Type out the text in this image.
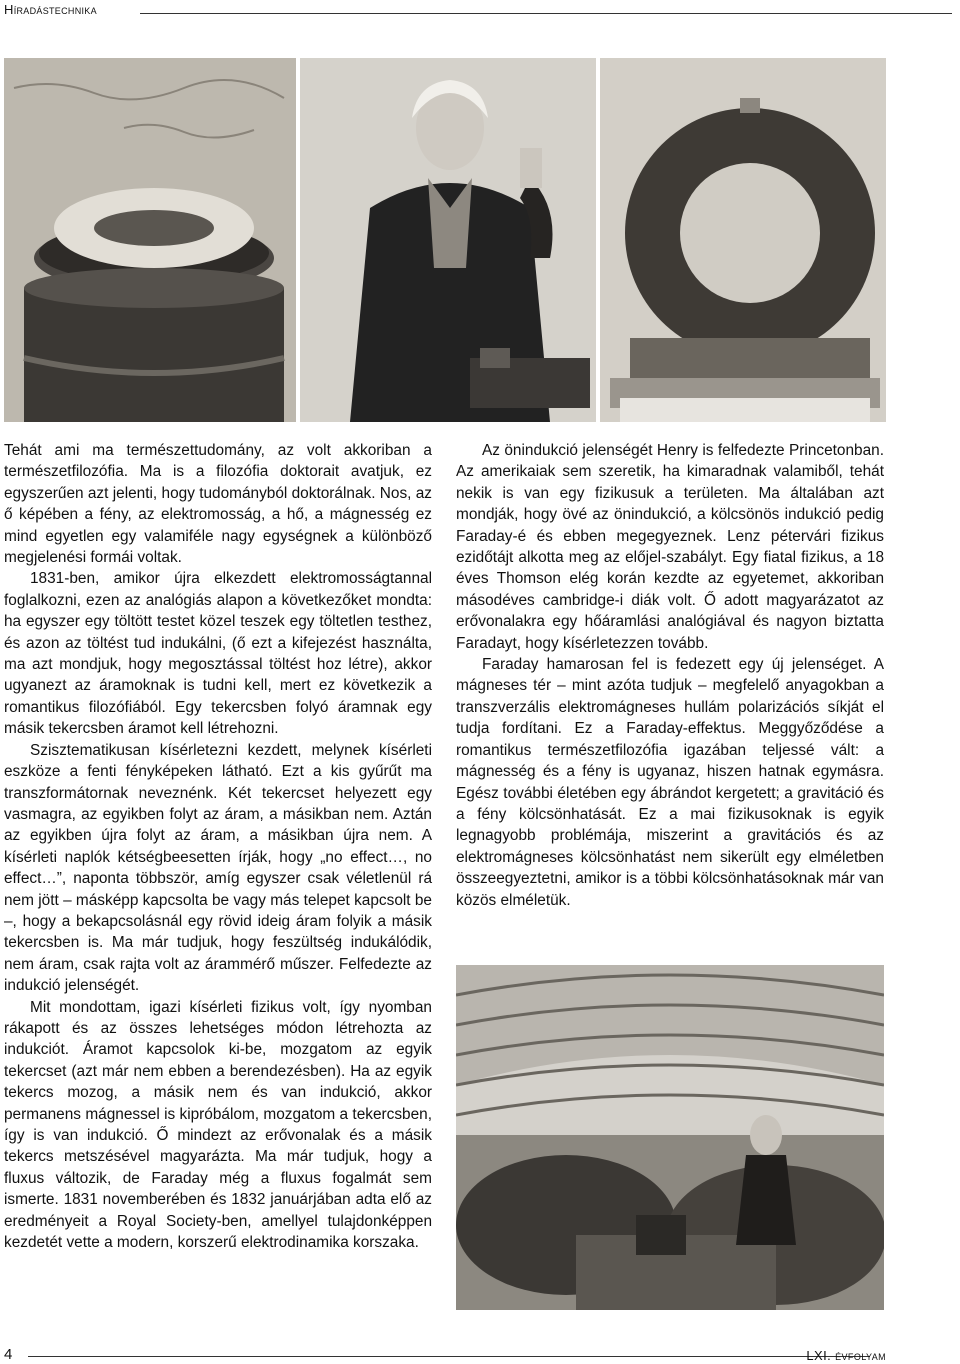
Híradástechnika

Tehát ami ma természettudomány, az volt akkoriban a természetfilozófia. Ma is a filozófia doktorait avatjuk, ez egyszerűen azt jelenti, hogy tudományból doktorálnak. Nos, az ő képében a fény, az elektromosság, a hő, a mágnesség ez mind egyetlen egy valamiféle nagy egységnek a különböző megjelenési formái voltak.

1831-ben, amikor újra elkezdett elektromosságtannal foglalkozni, ezen az analógiás alapon a következőket mondta: ha egyszer egy töltött testet közel teszek egy töltetlen testhez, és azon az töltést tud indukálni, (ő ezt a kifejezést használta, ma azt mondjuk, hogy megosztással töltést hoz létre), akkor ugyanezt az áramoknak is tudni kell, mert ez következik a romantikus filozófiából. Egy tekercsben folyó áramnak egy másik tekercsben áramot kell létrehozni.

Szisztematikusan kísérletezni kezdett, melynek kísérleti eszköze a fenti fényképeken látható. Ezt a kis gyűrűt ma transzformátornak neveznénk. Két tekercset helyezett egy vasmagra, az egyikben folyt az áram, a másikban nem. Aztán az egyikben újra folyt az áram, a másikban újra nem. A kísérleti naplók kétségbeesetten írják, hogy „no effect…, no effect…”, naponta többször, amíg egyszer csak véletlenül rá nem jött – másképp kapcsolta be vagy más telepet kapcsolt be –, hogy a bekapcsolásnál egy rövid ideig áram folyik a másik tekercsben is. Ma már tudjuk, hogy feszültség indukálódik, nem áram, csak rajta volt az árammérő műszer. Felfedezte az indukció jelenségét.

Mit mondottam, igazi kísérleti fizikus volt, így nyomban rákapott és az összes lehetséges módon létrehozta az indukciót. Áramot kapcsolok ki-be, mozgatom az egyik tekercset (azt már nem ebben a berendezésben). Ha az egyik tekercs mozog, a másik nem és van indukció, akkor permanens mágnessel is kipróbálom, mozgatom a tekercsben, így is van indukció. Ő mindezt az erővonalak és a másik tekercs metszésével magyarázta. Ma már tudjuk, hogy a fluxus változik, de Faraday még a fluxus fogalmát sem ismerte. 1831 novemberében és 1832 januárjában adta elő az eredményeit a Royal Society-ben, amellyel tulajdonképpen kezdetét vette a modern, korszerű elektrodinamika korszaka.

Az önindukció jelenségét Henry is felfedezte Princetonban. Az amerikaiak sem szeretik, ha kimaradnak valamiből, tehát nekik is van egy fizikusuk a területen. Ma általában azt mondják, hogy övé az önindukció, a kölcsönös indukció pedig Faraday-é és ebben megegyeznek. Lenz pétervári fizikus ezidőtájt alkotta meg az előjel-szabályt. Egy fiatal fizikus, a 18 éves Thomson elég korán kezdte az egyetemet, akkoriban másodéves cambridge-i diák volt. Ő adott magyarázatot az erővonalakra egy hőáramlási analógiával és nagyon biztatta Faradayt, hogy kísérletezzen tovább.

Faraday hamarosan fel is fedezett egy új jelenséget. A mágneses tér – mint azóta tudjuk – megfelelő anyagokban a transzverzális elektromágneses hullám polarizációs síkját el tudja fordítani. Ez a Faraday-effektus. Meggyőződése a romantikus természetfilozófia igazában teljessé vált: a mágnesség és a fény is ugyanaz, hiszen hatnak egymásra. Egész további életében egy ábrándot kergetett; a gravitáció és a fény kölcsönhatását. Ez a mai fizikusoknak is egyik legnagyobb problémája, miszerint a gravitációs és az elektromágneses kölcsönhatást nem sikerült egy elméletben összeegyeztetni, amikor is a többi kölcsönhatásoknak már van közös elméletük.

4	LXI. évfolyam
